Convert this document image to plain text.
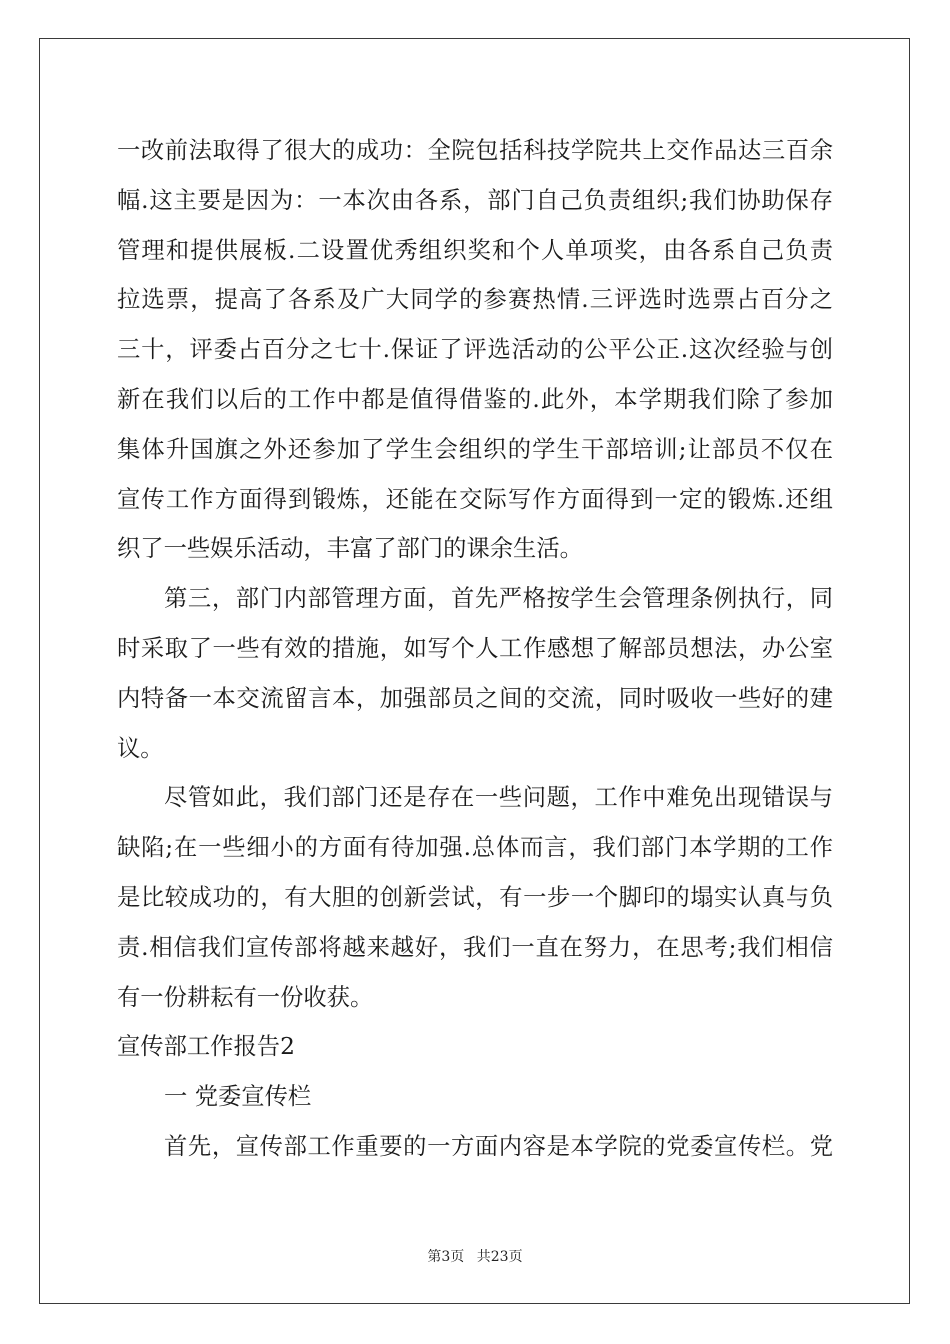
一改前法取得了很大的成功：全院包括科技学院共上交作品达三百余
幅.这主要是因为：一本次由各系，部门自己负责组织;我们协助保存
管理和提供展板.二设置优秀组织奖和个人单项奖，由各系自己负责
拉选票，提高了各系及广大同学的参赛热情.三评选时选票占百分之
三十，评委占百分之七十.保证了评选活动的公平公正.这次经验与创
新在我们以后的工作中都是值得借鉴的.此外，本学期我们除了参加
集体升国旗之外还参加了学生会组织的学生干部培训;让部员不仅在
宣传工作方面得到锻炼，还能在交际写作方面得到一定的锻炼.还组
织了一些娱乐活动，丰富了部门的课余生活。
第三，部门内部管理方面，首先严格按学生会管理条例执行，同
时采取了一些有效的措施，如写个人工作感想了解部员想法，办公室
内特备一本交流留言本，加强部员之间的交流，同时吸收一些好的建
议。
尽管如此，我们部门还是存在一些问题，工作中难免出现错误与
缺陷;在一些细小的方面有待加强.总体而言，我们部门本学期的工作
是比较成功的，有大胆的创新尝试，有一步一个脚印的塌实认真与负
责.相信我们宣传部将越来越好，我们一直在努力，在思考;我们相信
有一份耕耘有一份收获。
宣传部工作报告2
一 党委宣传栏
首先，宣传部工作重要的一方面内容是本学院的党委宣传栏。党
第3页 共23页
